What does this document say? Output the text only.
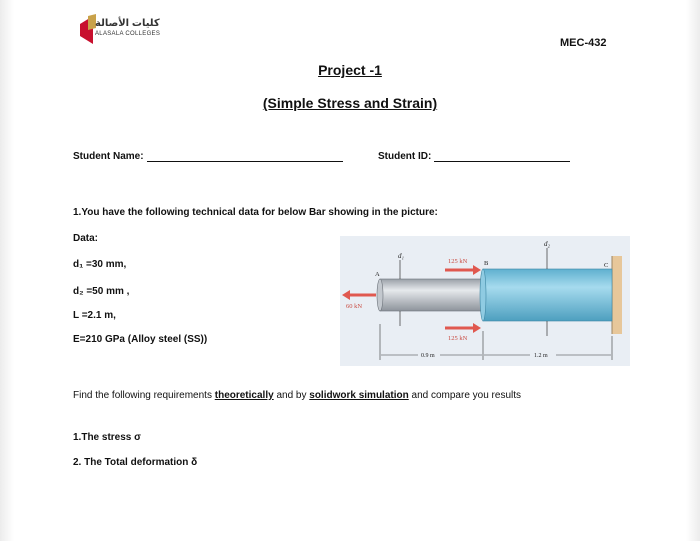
كليات الأصالة
ALASALA COLLEGES
MEC-432
Project -1
(Simple Stress and Strain)
Student Name:	Student ID:
1.You have the following technical data for below Bar showing in the picture:
Data:
d₁ =30 mm,
d₂ =50 mm ,
L =2.1 m,
E=210 GPa (Alloy steel (SS))
d₁
d₂
A
B	C
125 kN
125 kN
60 kN
0.9 m	1.2 m
Find the following requirements theoretically and by solidwork simulation and compare you results
1.The stress σ
2. The Total deformation δ
